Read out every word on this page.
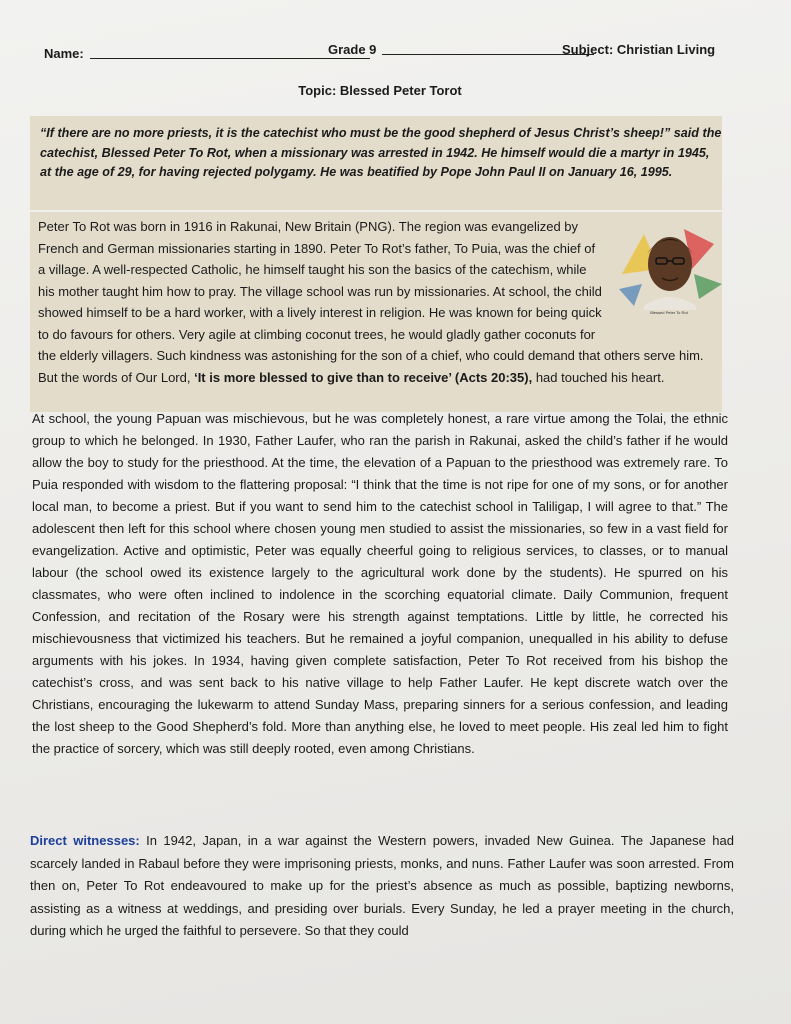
Name:	Grade 9	Subject: Christian Living
Topic: Blessed Peter Torot
“If there are no more priests, it is the catechist who must be the good shepherd of Jesus Christ’s sheep!” said the catechist, Blessed Peter To Rot, when a missionary was arrested in 1942. He himself would die a martyr in 1945, at the age of 29, for having rejected polygamy. He was beatified by Pope John Paul II on January 16, 1995.
Blessed Peter To Rot
Peter To Rot was born in 1916 in Rakunai, New Britain (PNG). The region was evangelized by French and German missionaries starting in 1890. Peter To Rot’s father, To Puia, was the chief of a village. A well-respected Catholic, he himself taught his son the basics of the catechism, while his mother taught him how to pray. The village school was run by missionaries. At school, the child showed himself to be a hard worker, with a lively interest in religion. He was known for being quick to do favours for others. Very agile at climbing coconut trees, he would gladly gather coconuts for the elderly villagers. Such kindness was astonishing for the son of a chief, who could demand that others serve him. But the words of Our Lord, ‘It is more blessed to give than to receive’ (Acts 20:35), had touched his heart.
At school, the young Papuan was mischievous, but he was completely honest, a rare virtue among the Tolai, the ethnic group to which he belonged. In 1930, Father Laufer, who ran the parish in Rakunai, asked the child’s father if he would allow the boy to study for the priesthood. At the time, the elevation of a Papuan to the priesthood was extremely rare. To Puia responded with wisdom to the flattering proposal: “I think that the time is not ripe for one of my sons, or for another local man, to become a priest. But if you want to send him to the catechist school in Taliligap, I will agree to that.” The adolescent then left for this school where chosen young men studied to assist the missionaries, so few in a vast field for evangelization. Active and optimistic, Peter was equally cheerful going to religious services, to classes, or to manual labour (the school owed its existence largely to the agricultural work done by the students). He spurred on his classmates, who were often inclined to indolence in the scorching equatorial climate. Daily Communion, frequent Confession, and recitation of the Rosary were his strength against temptations. Little by little, he corrected his mischievousness that victimized his teachers. But he remained a joyful companion, unequalled in his ability to defuse arguments with his jokes. In 1934, having given complete satisfaction, Peter To Rot received from his bishop the catechist’s cross, and was sent back to his native village to help Father Laufer. He kept discrete watch over the Christians, encouraging the lukewarm to attend Sunday Mass, preparing sinners for a serious confession, and leading the lost sheep to the Good Shepherd’s fold. More than anything else, he loved to meet people. His zeal led him to fight the practice of sorcery, which was still deeply rooted, even among Christians.
Direct witnesses: In 1942, Japan, in a war against the Western powers, invaded New Guinea. The Japanese had scarcely landed in Rabaul before they were imprisoning priests, monks, and nuns. Father Laufer was soon arrested. From then on, Peter To Rot endeavoured to make up for the priest’s absence as much as possible, baptizing newborns, assisting as a witness at weddings, and presiding over burials. Every Sunday, he led a prayer meeting in the church, during which he urged the faithful to persevere. So that they could
